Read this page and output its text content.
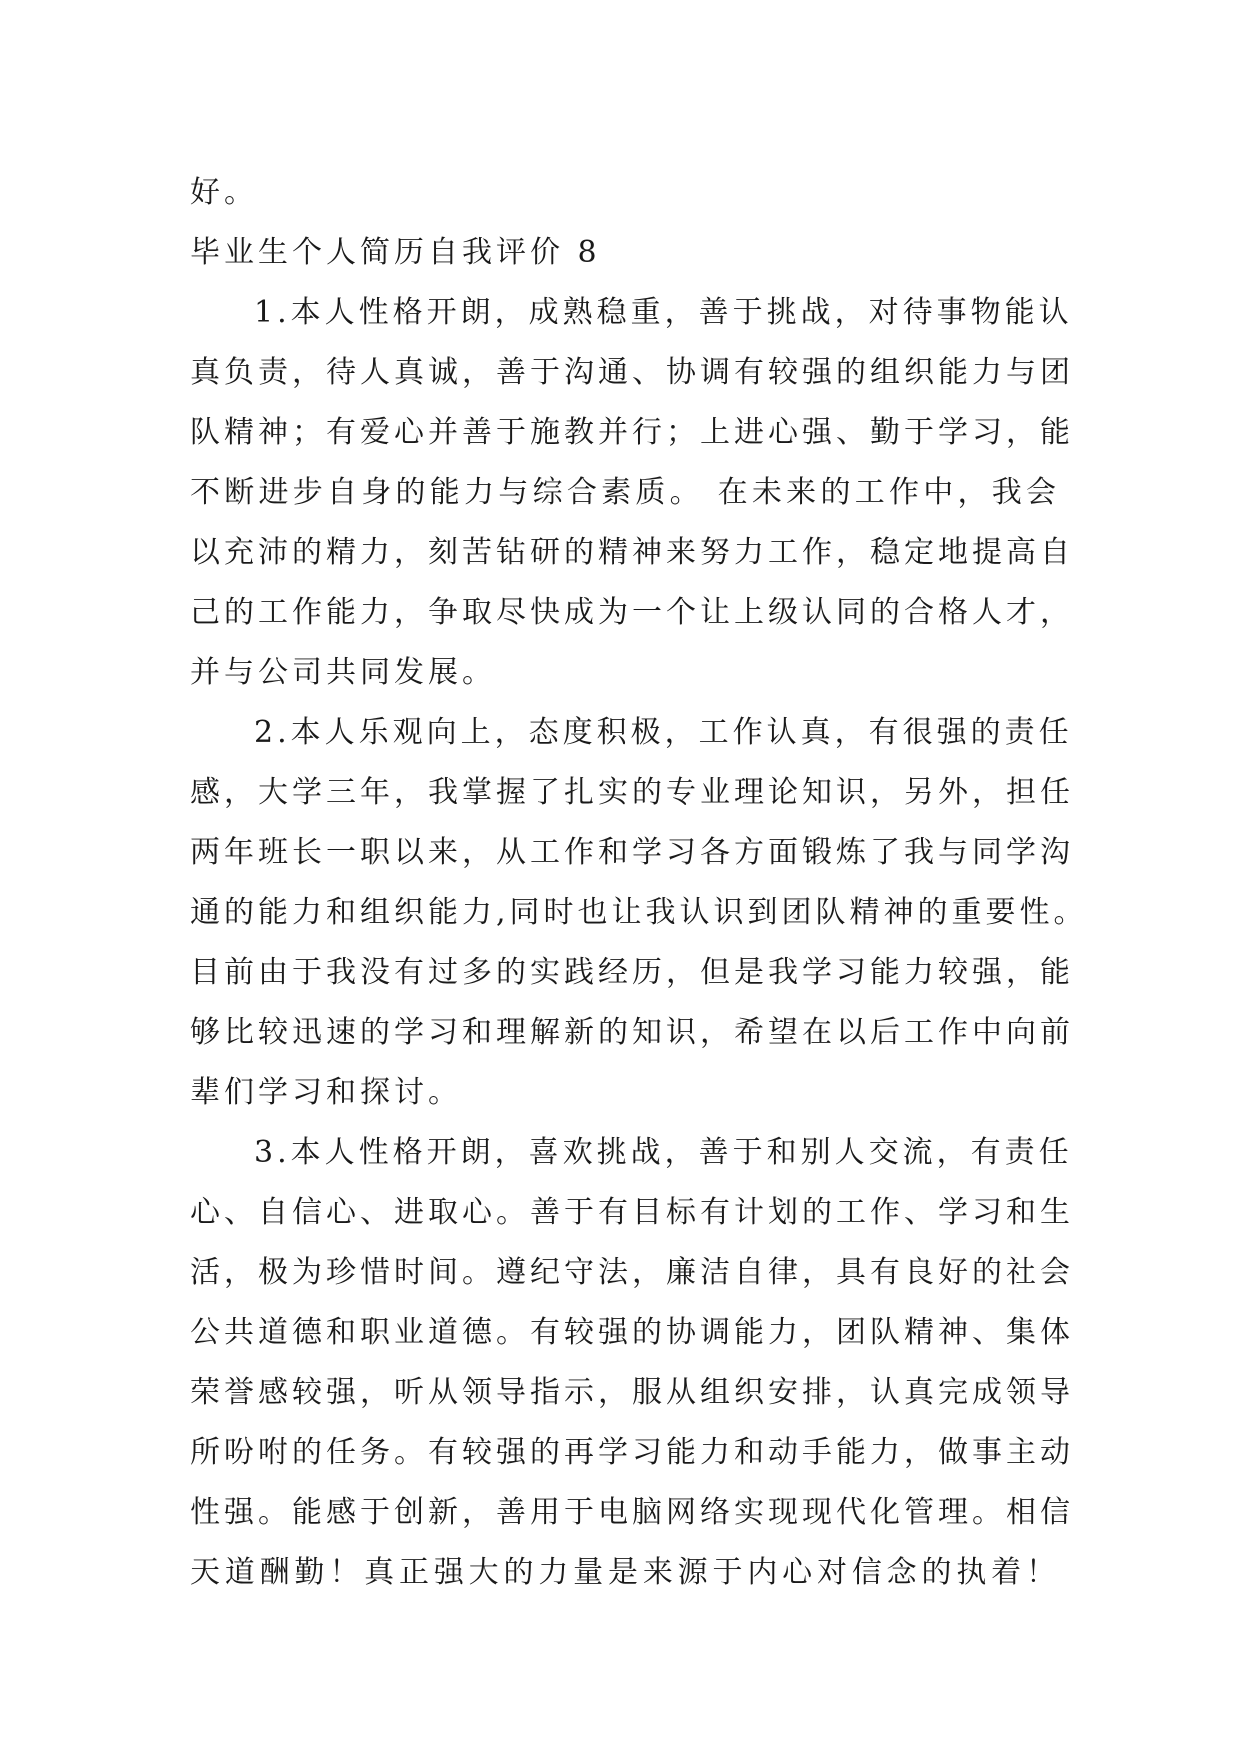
好。
毕业生个人简历自我评价 8
1.本人性格开朗，成熟稳重，善于挑战，对待事物能认
真负责，待人真诚，善于沟通、协调有较强的组织能力与团
队精神；有爱心并善于施教并行；上进心强、勤于学习，能
不断进步自身的能力与综合素质。 在未来的工作中，我会
以充沛的精力，刻苦钻研的精神来努力工作，稳定地提高自
己的工作能力，争取尽快成为一个让上级认同的合格人才，
并与公司共同发展。
2.本人乐观向上，态度积极，工作认真，有很强的责任
感，大学三年，我掌握了扎实的专业理论知识，另外，担任
两年班长一职以来，从工作和学习各方面锻炼了我与同学沟
通的能力和组织能力,同时也让我认识到团队精神的重要性。
目前由于我没有过多的实践经历，但是我学习能力较强，能
够比较迅速的学习和理解新的知识，希望在以后工作中向前
辈们学习和探讨。
3.本人性格开朗，喜欢挑战，善于和别人交流，有责任
心、自信心、进取心。善于有目标有计划的工作、学习和生
活，极为珍惜时间。遵纪守法，廉洁自律，具有良好的社会
公共道德和职业道德。有较强的协调能力，团队精神、集体
荣誉感较强，听从领导指示，服从组织安排，认真完成领导
所吩咐的任务。有较强的再学习能力和动手能力，做事主动
性强。能感于创新，善用于电脑网络实现现代化管理。相信
天道酬勤！真正强大的力量是来源于内心对信念的执着！
